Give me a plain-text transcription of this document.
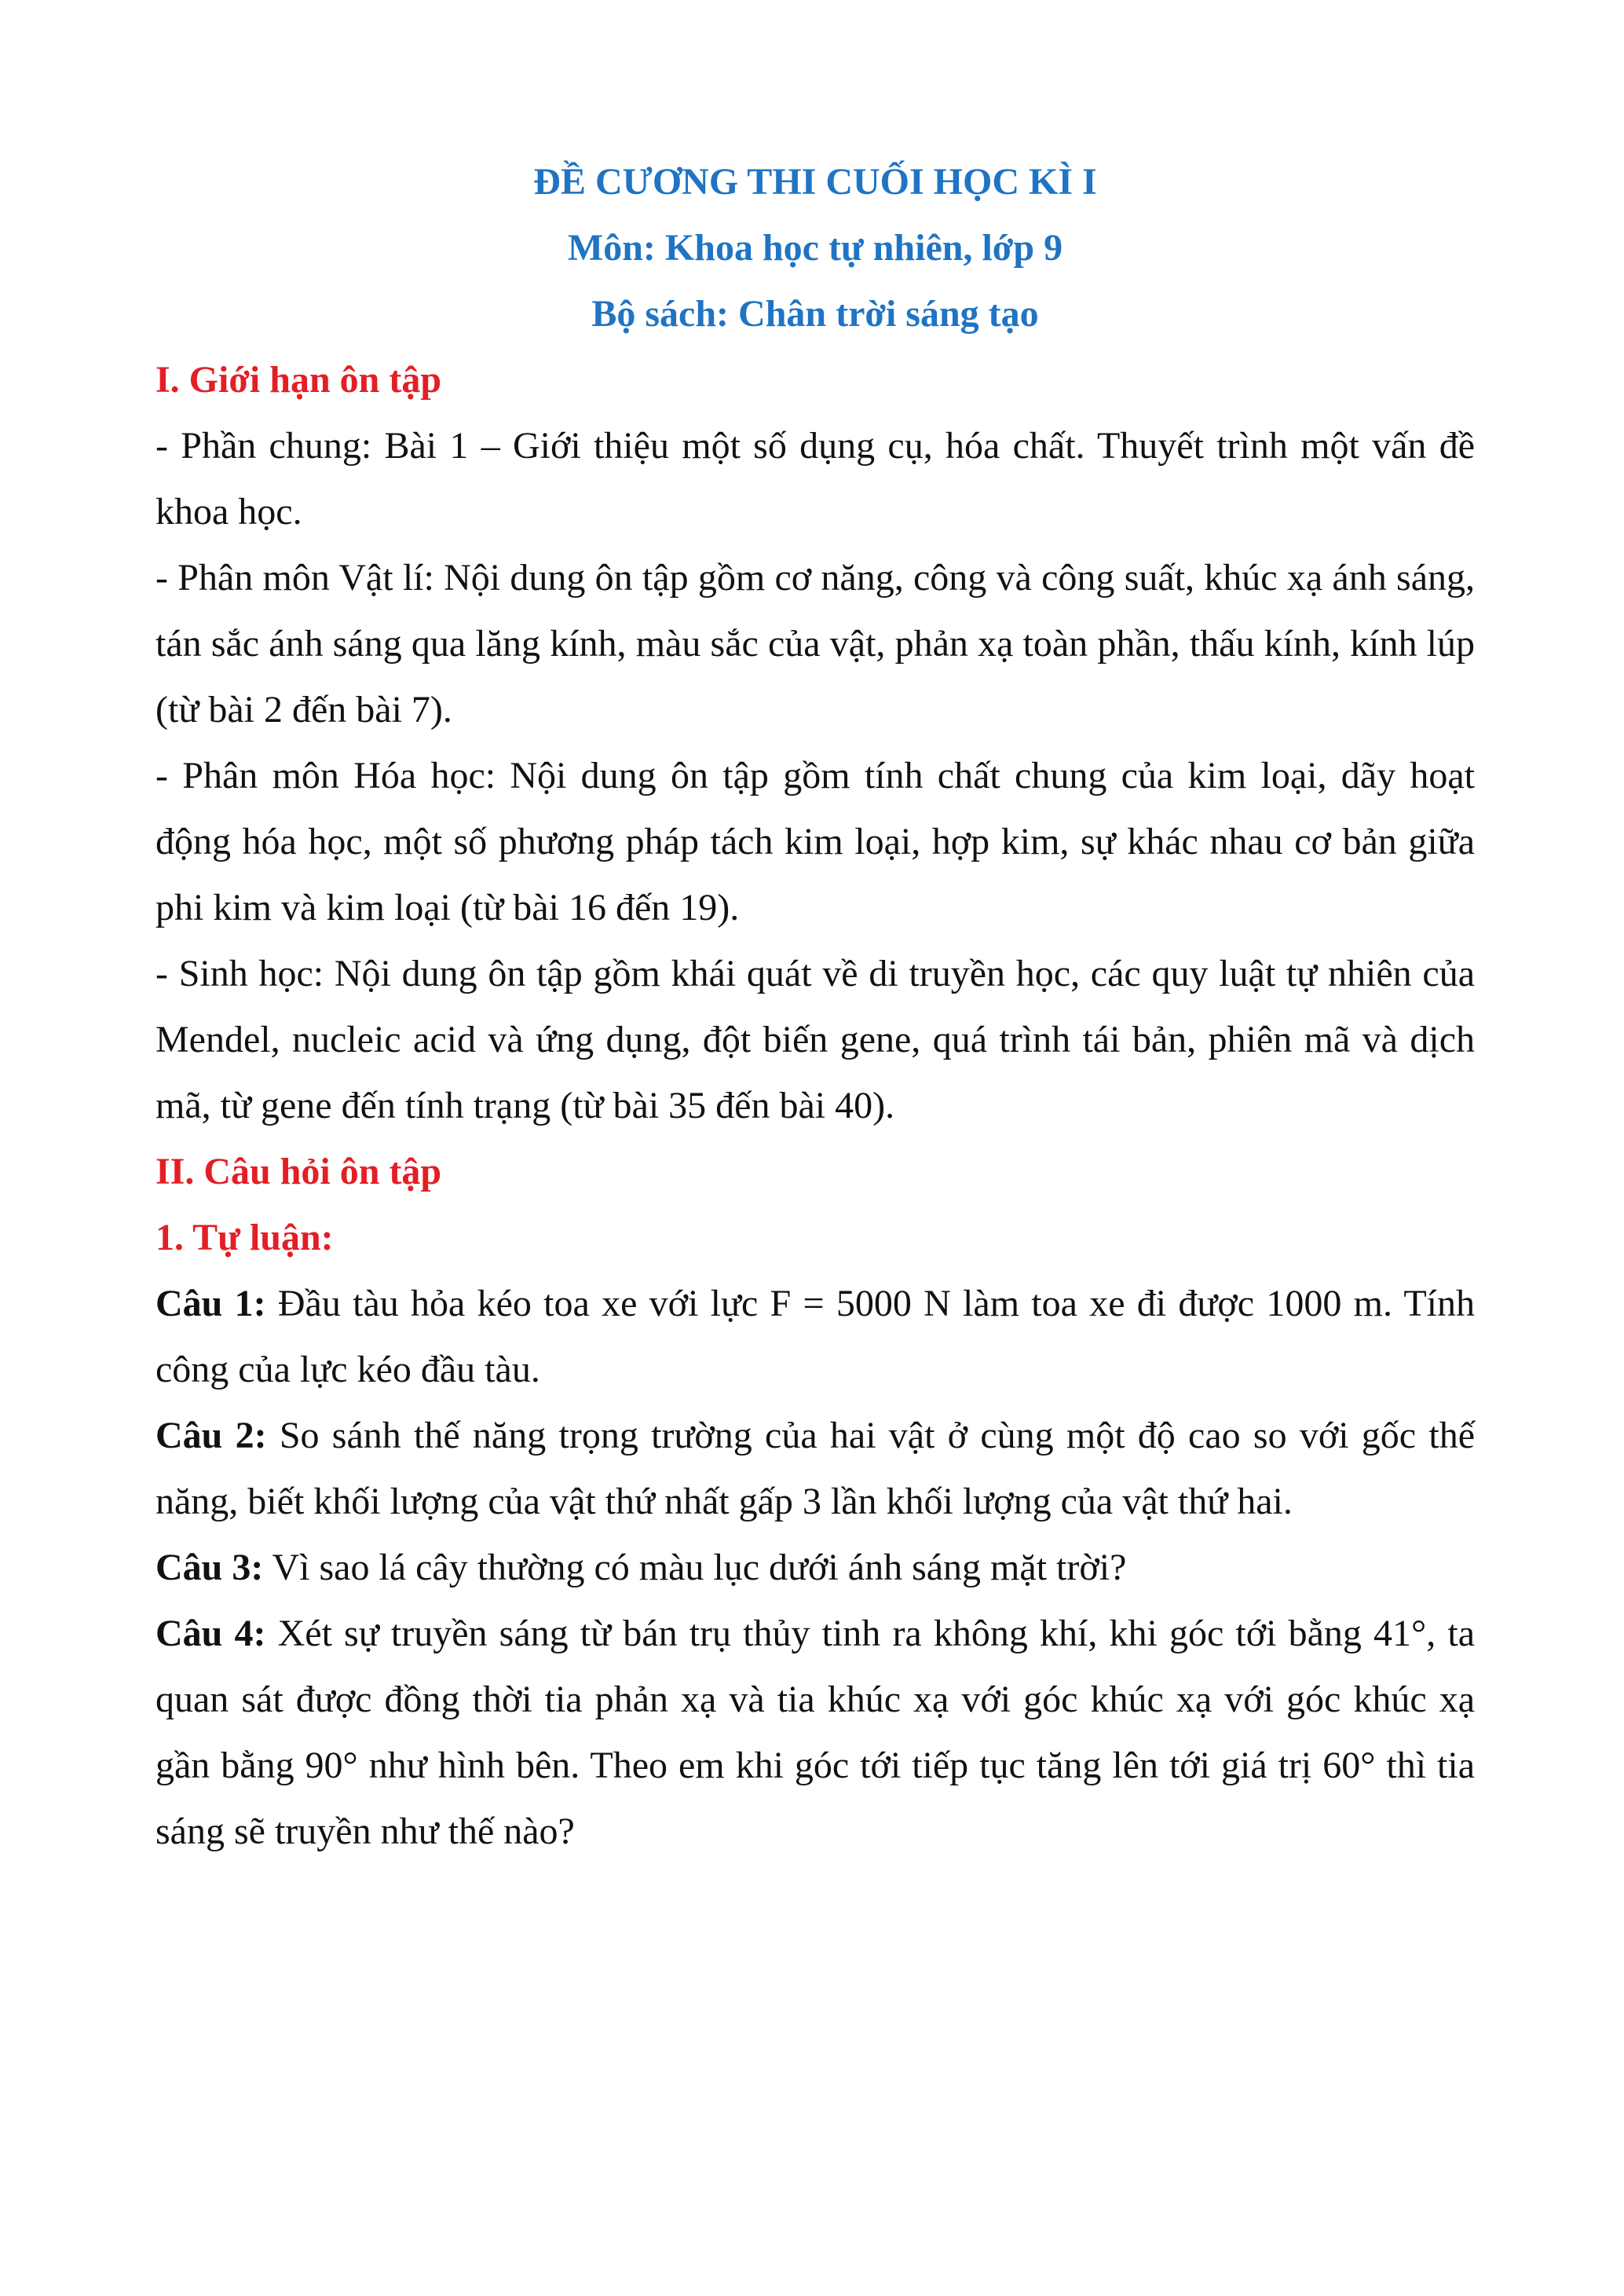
ĐỀ CƯƠNG THI CUỐI HỌC KÌ I
Môn: Khoa học tự nhiên, lớp 9
Bộ sách: Chân trời sáng tạo
I. Giới hạn ôn tập

- Phần chung: Bài 1 – Giới thiệu một số dụng cụ, hóa chất. Thuyết trình một vấn đề khoa học.

- Phân môn Vật lí: Nội dung ôn tập gồm cơ năng, công và công suất, khúc xạ ánh sáng, tán sắc ánh sáng qua lăng kính, màu sắc của vật, phản xạ toàn phần, thấu kính, kính lúp (từ bài 2 đến bài 7).

- Phân môn Hóa học: Nội dung ôn tập gồm tính chất chung của kim loại, dãy hoạt động hóa học, một số phương pháp tách kim loại, hợp kim, sự khác nhau cơ bản giữa phi kim và kim loại (từ bài 16 đến 19).

- Sinh học: Nội dung ôn tập gồm khái quát về di truyền học, các quy luật tự nhiên của Mendel, nucleic acid và ứng dụng, đột biến gene, quá trình tái bản, phiên mã và dịch mã, từ gene đến tính trạng (từ bài 35 đến bài 40).

II. Câu hỏi ôn tập
1. Tự luận:

Câu 1: Đầu tàu hỏa kéo toa xe với lực F = 5000 N làm toa xe đi được 1000 m. Tính công của lực kéo đầu tàu.

Câu 2: So sánh thế năng trọng trường của hai vật ở cùng một độ cao so với gốc thế năng, biết khối lượng của vật thứ nhất gấp 3 lần khối lượng của vật thứ hai.

Câu 3: Vì sao lá cây thường có màu lục dưới ánh sáng mặt trời?

Câu 4: Xét sự truyền sáng từ bán trụ thủy tinh ra không khí, khi góc tới bằng 41°, ta quan sát được đồng thời tia phản xạ và tia khúc xạ với góc khúc xạ với góc khúc xạ gần bằng 90° như hình bên. Theo em khi góc tới tiếp tục tăng lên tới giá trị 60° thì tia sáng sẽ truyền như thế nào?
